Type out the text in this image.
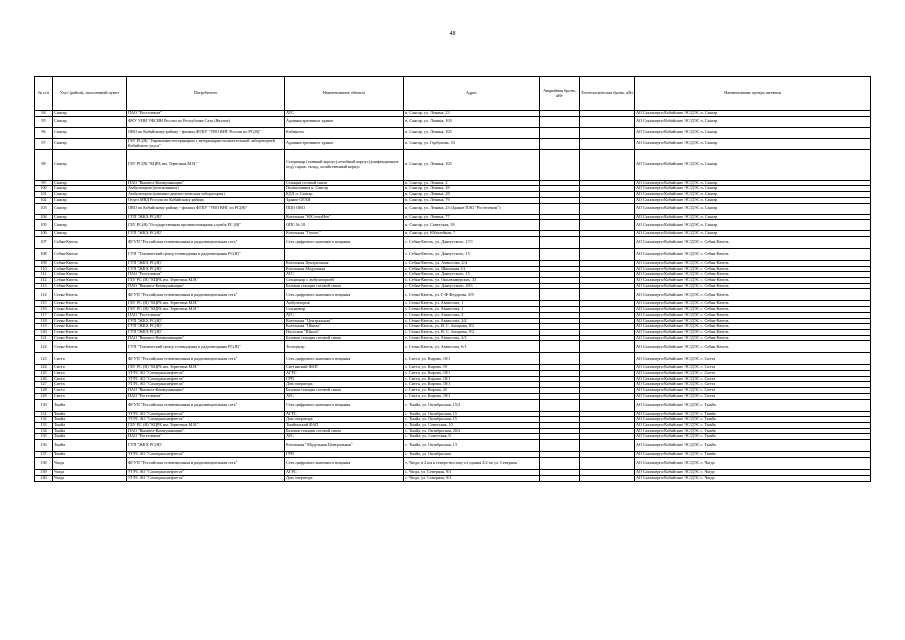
48
№ п/п	Улус (район), населенный пункт	Потребитель	Наименование объекта	Адрес	Аварийная бронь, кВт	Технологическая бронь, кВт	Наименование центра питания
94	Сангар	ПАО "Ростелеком"	АТС	п. Сангар, ул. Ленина, 23			АО Сахаэнерго/Кобяйские ЭС/ДЭС п. Сангар
95	Сангар	ФКУ УИИ УФСИН России по Республике Саха (Якутия)	Административное здание	п. Сангар, ул. Ленина, 103			АО Сахаэнерго/Кобяйские ЭС/ДЭС п. Сангар
96	Сангар	ОВО по Кобяйскому району - филиал ФГКУ "УВО ВНГ России по РС(Я)"	Кабинеты	п. Сангар, ул. Ленина, 103			АО Сахаэнерго/Кобяйские ЭС/ДЭС п. Сангар
97	Сангар	ГБУ РС(Я) "Управление ветеринарии с ветеринарно-испытательной лабораторией Кобяйского улуса"	Административное здание	п. Сангар, ул. Горбунова, 33			АО Сахаэнерго/Кобяйские ЭС/ДЭС п. Сангар
98	Сангар	ГБУ РС(Я) "КЦРБ им. Терютина М.Н."	Стационар (главный корпус),лечебный корпус),(инфекционное отд), гараж, склад, хозяйственный корпус	п. Сангар, ул. Ленина, 103			АО Сахаэнерго/Кобяйские ЭС/ДЭС п. Сангар
99	Сангар	ПАО "Вымпел-Коммуникации"	Станция сотовой связи	п. Сангар, ул. Ленина, 2			АО Сахаэнерго/Кобяйские ЭС/ДЭС п. Сангар
100	Сангар	Амбулатория (поликлиника)	Поликлиника п. Сангар	п. Сангар, ул. Ленина, 28			АО Сахаэнерго/Кобяйские ЭС/ДЭС п. Сангар
101	Сангар	Амбулатория (клинико-диагностическая лаборатория)	КДЛ п. Сангар	п. Сангар, ул. Ленина, 28			АО Сахаэнерго/Кобяйские ЭС/ДЭС п. Сангар
102	Сангар	Отдел МВД России по Кобяйскому району	Здание ОГАИ	п. Сангар, ул. Ленина, 79			АО Сахаэнерго/Кобяйские ЭС/ДЭС п. Сангар
103	Сангар	ОВО по Кобяйскому району - филиал ФГКУ "УВО ВНГ по РС(Я)"	ПЦО ОВО	п. Сангар, ул. Ленина, 23 (Здание ПАО "Ростелеком")			АО Сахаэнерго/Кобяйские ЭС/ДЭС п. Сангар
104	Сангар	ГУП "ЖКХ РС(Я)"	Котельная "ЮСтеплНек"	п. Сангар, ул. Ленина, 77			АО Сахаэнерго/Кобяйские ЭС/ДЭС п. Сангар
105	Сангар	ГБУ РС(Я) "Государственная противопожарная служба РС (Я)"	ОПС № 18	п. Сангар, ул. Советская, 39			АО Сахаэнерго/Кобяйские ЭС/ДЭС п. Сангар
106	Сангар	ГУП "ЖКХ РС(Я)"	Котельная "Геолог"	п. Сангар, ул. Юбилейная, 7			АО Сахаэнерго/Кобяйские ЭС/ДЭС п. Сангар
107	Себян-Кюель	ФГУП "Российская телевизионная и радиовещательная сеть"	Сеть цифрового наземного вещания	с. Себян-Кюель, ул. Данеутского, 17/1			АО Сахаэнерго/Кобяйские ЭС/ДЭС с. Себян-Кюель
108	Себян-Кюель	ГУП "Технический центр телевидения и радиовещания РС(Я)"		с. Себян-Кюель, ул. Данеутского, 15			АО Сахаэнерго/Кобяйские ЭС/ДЭС с. Себян-Кюель
109	Себян-Кюель	ГУП "ЖКХ РС(Я)"	Котельная Центральная	с. Себян-Кюель, ул. Аммосова, 2/4			АО Сахаэнерго/Кобяйские ЭС/ДЭС с. Себян-Кюель
110	Себян-Кюель	ГУП "ЖКХ РС(Я)"	Котельная Модульная	с. Себян-Кюель, ул. Школьная 5/1			АО Сахаэнерго/Кобяйские ЭС/ДЭС с. Себян-Кюель
111	Себян-Кюель	ПАО "Ростелеком"	АТС	с. Себян-Кюель, ул. Данеутского, 15			АО Сахаэнерго/Кобяйские ЭС/ДЭС с. Себян-Кюель
112	Себян-Кюель	ГБУ РС (Я) "КЦРБ им. Терютина М.Н."	Стационар с амбулаторией	с. Себян-Кюель, ул. Оньлюнверских, 33			АО Сахаэнерго/Кобяйские ЭС/ДЭС с. Себян-Кюель
113	Себян-Кюель	ПАО "Вымпел-Коммуникации"	Базовая станция сотовой связи	с. Себян-Кюель, ул. Данеутского, 40/1			АО Сахаэнерго/Кобяйские ЭС/ДЭС с. Себян-Кюель
114	Сегян-Кюель	ФГУП "Российская телевизионная и радиовещательная сеть"	Сеть цифрового наземного вещания	с. Сегян-Кюель, ул. Г-Ф Федорова, 8/9			АО Сахаэнерго/Кобяйские ЭС/ДЭС с. Себян-Кюель
115	Сегян-Кюель	ГБУ РС (Я) "КЦРБ им. Терютина М.Н."	Амбулатория	с. Сегян-Кюель, ул. Аммосова, 1			АО Сахаэнерго/Кобяйские ЭС/ДЭС с. Себян-Кюель
116	Сегян-Кюель	ГБУ РС (Я) "КЦРБ им. Терютина М.Н."	Стационар	с. Сегян-Кюель, ул. Аммосова, 1			АО Сахаэнерго/Кобяйские ЭС/ДЭС с. Себян-Кюель
117	Сегян-Кюель	ПАО "Ростелеком"	АТС	с. Сегян-Кюель, ул. Аммосова, 2			АО Сахаэнерго/Кобяйские ЭС/ДЭС с. Себян-Кюель
118	Сегян-Кюель	ГУП "ЖКХ РС(Я)"	Котельная "Центральная"	с. Сегян-Кюель, ул. Аммосова, 2/4			АО Сахаэнерго/Кобяйские ЭС/ДЭС с. Себян-Кюель
119	Сегян-Кюель	ГУП "ЖКХ РС(Я)"	Котельная "Школа"	с. Сегян-Кюель, ул. И. С. Захарова, 9/2			АО Сахаэнерго/Кобяйские ЭС/ДЭС с. Себян-Кюель
120	Сегян-Кюель	ГУП "ЖКХ РС(Я)"	Насосная "Школа"	с. Сегян-Кюель, ул. И. С. Захарова, 9/2			АО Сахаэнерго/Кобяйские ЭС/ДЭС с. Себян-Кюель
121	Сегян-Кюель	ПАО "Вымпел-Коммуникации"	Базовая станция сотовой связи	с. Сегян-Кюель, ул. Аммосова, 2/3			АО Сахаэнерго/Кобяйские ЭС/ДЭС с. Себян-Кюель
122	Сегян-Кюель	ГУП "Технический центр телевидения и радиовещания РС(Я)"	Телецентр	с. Сегян-Кюель, ул. Аммосова, 6/1			АО Сахаэнерго/Кобяйские ЭС/ДЭС с. Себян-Кюель
123	Ситта	ФГУП "Российская телевизионная и радиовещательная сеть"	Сеть цифрового наземного вещания	с. Ситта, ул. Кирова, 18/1			АО Сахаэнерго/Кобяйские ЭС/ДЭС с. Ситта
124	Ситта	ГБУ РС (Я) "КЦРБ им. Терютина М.Н."	Ситтинский ФАП	с. Ситта, ул. Кирова, 19			АО Сахаэнерго/Кобяйские ЭС/ДЭС с. Ситта
125	Ситта	УГРС АО "Сахатранснефтегаз"	АГРС	с. Ситта, ул. Кирова, 18/1			АО Сахаэнерго/Кобяйские ЭС/ДЭС с. Ситта
126	Ситта	УГРС АО "Сахатранснефтегаз"	ГРП	с. Ситта, ул. Кирова, 18/1			АО Сахаэнерго/Кобяйские ЭС/ДЭС с. Ситта
127	Ситта	УГРС АО "Сахатранснефтегаз"	Дом оператора	с. Ситта, ул. Кирова, 18/1			АО Сахаэнерго/Кобяйские ЭС/ДЭС с. Ситта
128	Ситта	ПАО "Вымпел-Коммуникации"	Базовая станция сотовой связи	с. Ситта, ул. Кирова, 25			АО Сахаэнерго/Кобяйские ЭС/ДЭС с. Ситта
129	Ситта	ПАО "Ростелеком"	АТС	с. Ситта, ул. Кирова, 18/1			АО Сахаэнерго/Кобяйские ЭС/ДЭС с. Ситта
130	Тыайа	ФГУП "Российская телевизионная и радиовещательная сеть"	Сеть цифрового наземного вещания	с. Тыайа, ул. Октябрьская, 15/2			АО Сахаэнерго/Кобяйские ЭС/ДЭС с. Тыайа
131	Тыайа	УГРС АО "Сахатранснефтегаз"	АГРС	с. Тыайа, ул. Октябрьская, 15			АО Сахаэнерго/Кобяйские ЭС/ДЭС с. Тыайа
132	Тыайа	УГРС АО "Сахатранснефтегаз"	Дом оператора	с. Тыайа, ул. Октябрьская, 15			АО Сахаэнерго/Кобяйские ЭС/ДЭС с. Тыайа
133	Тыайа	ГБУ РС (Я) "КЦРБ им. Терютина М.Н."	Тыайинский ФАП	с. Тыайа, ул. Советская, 10			АО Сахаэнерго/Кобяйские ЭС/ДЭС с. Тыайа
134	Тыайа	ПАО "Вымпел-Коммуникации"	Базовая станция сотовой связи	с. Тыайа, ул. Октябрьская, 20/2			АО Сахаэнерго/Кобяйские ЭС/ДЭС с. Тыайа
135	Тыайа	ПАО "Ростелеком"	АТС	с. Тыайа, ул. Советская, 8			АО Сахаэнерго/Кобяйские ЭС/ДЭС с. Тыайа
136	Тыайа	ГУП "ЖКХ РС(Я)"	Котельная "Модульная Центральная"	с. Тыайа, ул. Октябрьская, 13			АО Сахаэнерго/Кобяйские ЭС/ДЭС с. Тыайа
137	Тыайа	УГРС АО "Сахатранснефтегаз"	ГРП	с. Тыайа, ул. Октябрьская			АО Сахаэнерго/Кобяйские ЭС/ДЭС с. Тыайа
138	Чагда	ФГУП "Российская телевизионная и радиовещательная сеть"	Сеть цифрового наземного вещания	с. Чагда, в 2 км к северо-востоку от здания 3/2 по ул. Северная			АО Сахаэнерго/Кобяйские ЭС/ДЭС с. Чагда
139	Чагда	УГРС АО "Сахатранснефтегаз"	АГРС	с. Чагда, ул. Северная, 9/3			АО Сахаэнерго/Кобяйские ЭС/ДЭС с. Чагда
140	Чагда	УГРС АО "Сахатранснефтегаз"	Дом оператора	с. Чагда, ул. Северная, 9/3			АО Сахаэнерго/Кобяйские ЭС/ДЭС с. Чагда
